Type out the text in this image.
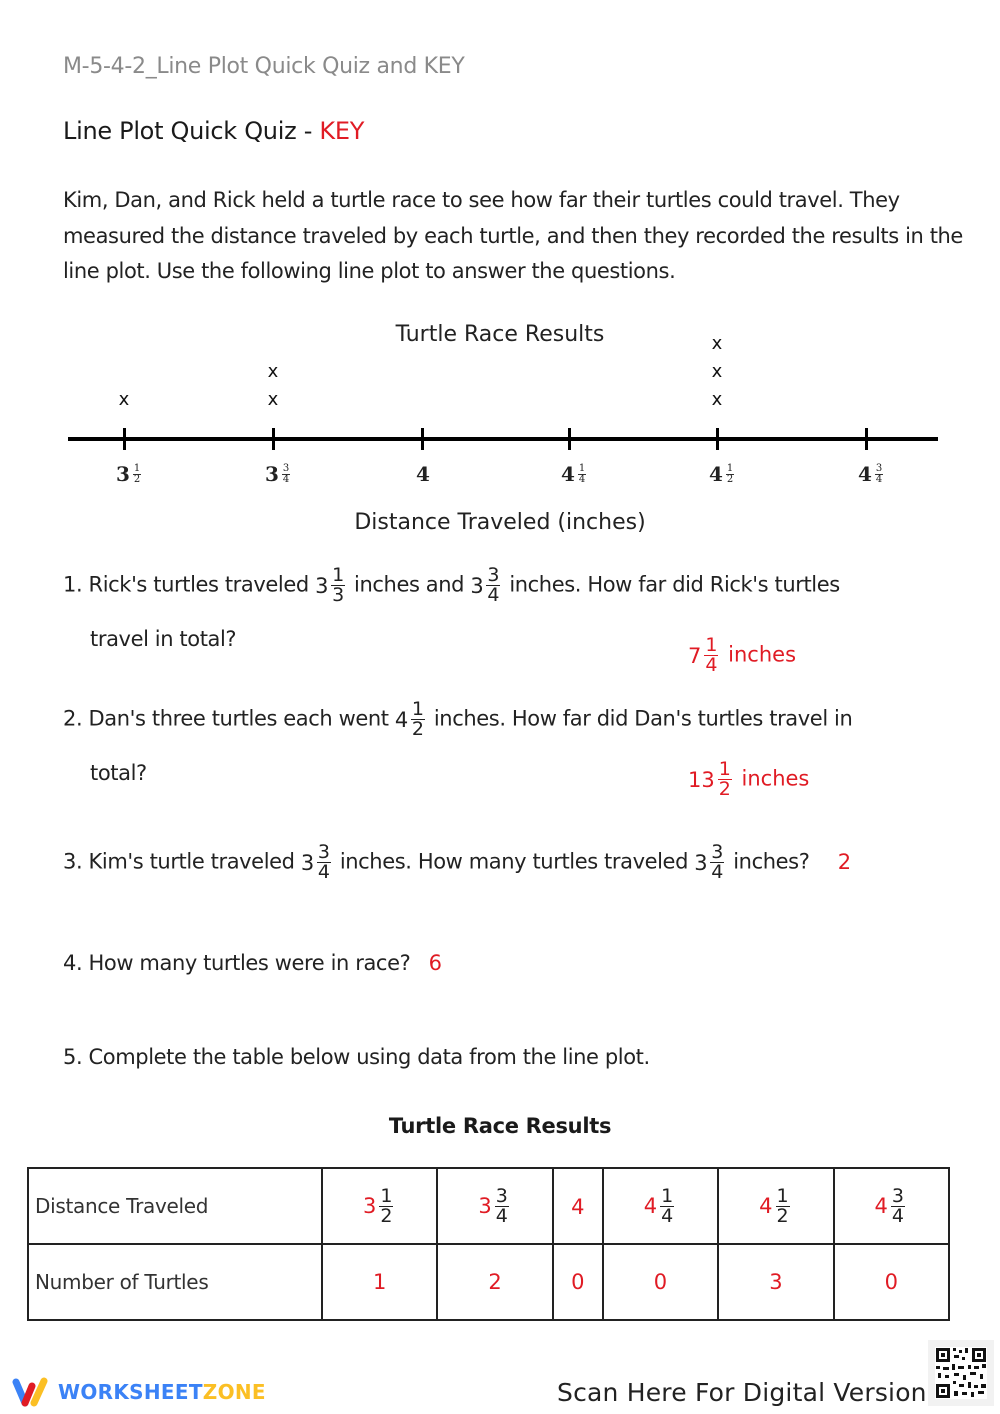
M-5-4-2_Line Plot Quick Quiz and KEY
Line Plot Quick Quiz - KEY
Kim, Dan, and Rick held a turtle race to see how far their turtles could travel. They measured the distance traveled by each turtle, and then they recorded the results in the line plot. Use the following line plot to answer the questions.
Turtle Race Results
x
3 1
2
x
x
3 3
4	4	4 1
4
x
x
x
4 1
2	4 3
4
Distance Traveled (inches)
1. Rick's turtles traveled $3 \frac{1}{3}$ inches and $3 \frac{3}{4}$ inches. How far did Rick's turtles
travel in total?
$7 \frac{1}{4}$ inches
2. Dan's three turtles each went $4 \frac{1}{2}$ inches. How far did Dan's turtles travel in
total?	$13 \frac{1}{2}$ inches
3. Kim's turtle traveled $3 \frac{3}{4}$ inches. How many turtles traveled $3 \frac{3}{4}$ inches? 2
4. How many turtles were in race? 6
5. Complete the table below using data from the line plot.
Turtle Race Results
Distance Traveled	$3 \frac{1}{2}$	$3 \frac{3}{4}$	4	$4 \frac{1}{4}$	$4 \frac{1}{2}$	$4 \frac{3}{4}$

Number of Turtles	1	2	0	0	3	0
WORKSHEETZONE	Scan Here For Digital Version
